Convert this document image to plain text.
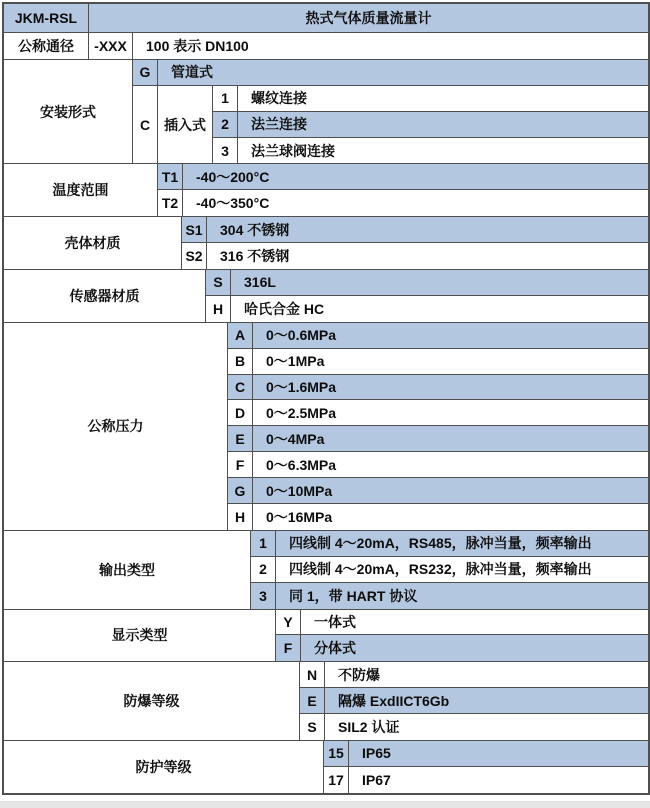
JKM-RSL	热式气体质量流量计
公称通径	-XXX	100 表示 DN100
安装形式
G	管道式
C 插入式
1	螺纹连接
2	法兰连接
3	法兰球阀连接
温度范围
T1	-40～200°C
T2	-40～350°C
壳体材质
S1	304 不锈钢
S2	316 不锈钢
传感器材质
S	316L
H	哈氏合金 HC
公称压力
A	0～0.6MPa
B	0～1MPa
C	0～1.6MPa
D	0～2.5MPa
E	0～4MPa
F	0～6.3MPa
G	0～10MPa
H	0～16MPa
输出类型
1	四线制 4～20mA，RS485，脉冲当量，频率输出
2	四线制 4～20mA，RS232，脉冲当量，频率输出
3	同 1，带 HART 协议
显示类型
Y	一体式
F	分体式
防爆等级
N	不防爆
E	隔爆 ExdIICT6Gb
S	SIL2 认证
防护等级
15	IP65
17	IP67
